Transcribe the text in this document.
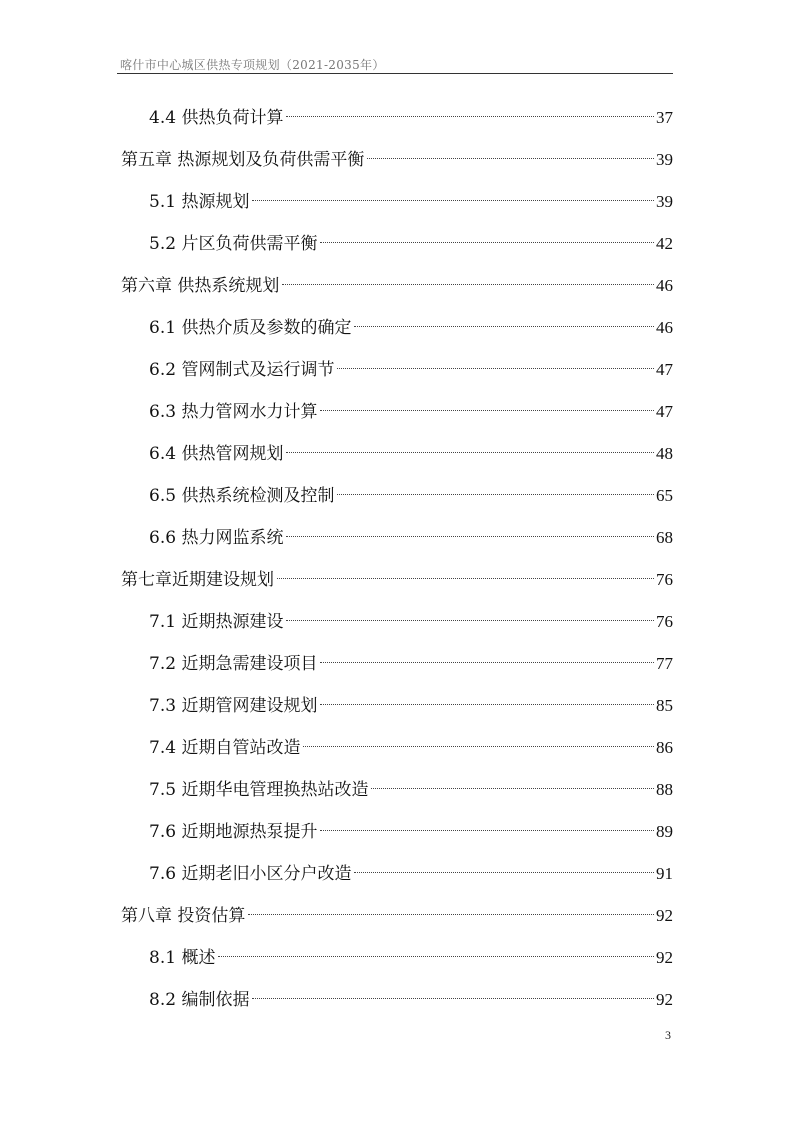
喀什市中心城区供热专项规划（2021-2035年）
4.4 供热负荷计算	37
第五章 热源规划及负荷供需平衡	39
5.1 热源规划	39
5.2 片区负荷供需平衡	42
第六章 供热系统规划	46
6.1 供热介质及参数的确定	46
6.2 管网制式及运行调节	47
6.3 热力管网水力计算	47
6.4 供热管网规划	48
6.5 供热系统检测及控制	65
6.6 热力网监系统	68
第七章近期建设规划	76
7.1 近期热源建设	76
7.2 近期急需建设项目	77
7.3 近期管网建设规划	85
7.4 近期自管站改造	86
7.5 近期华电管理换热站改造	88
7.6 近期地源热泵提升	89
7.6 近期老旧小区分户改造	91
第八章 投资估算	92
8.1 概述	92
8.2 编制依据	92
3
